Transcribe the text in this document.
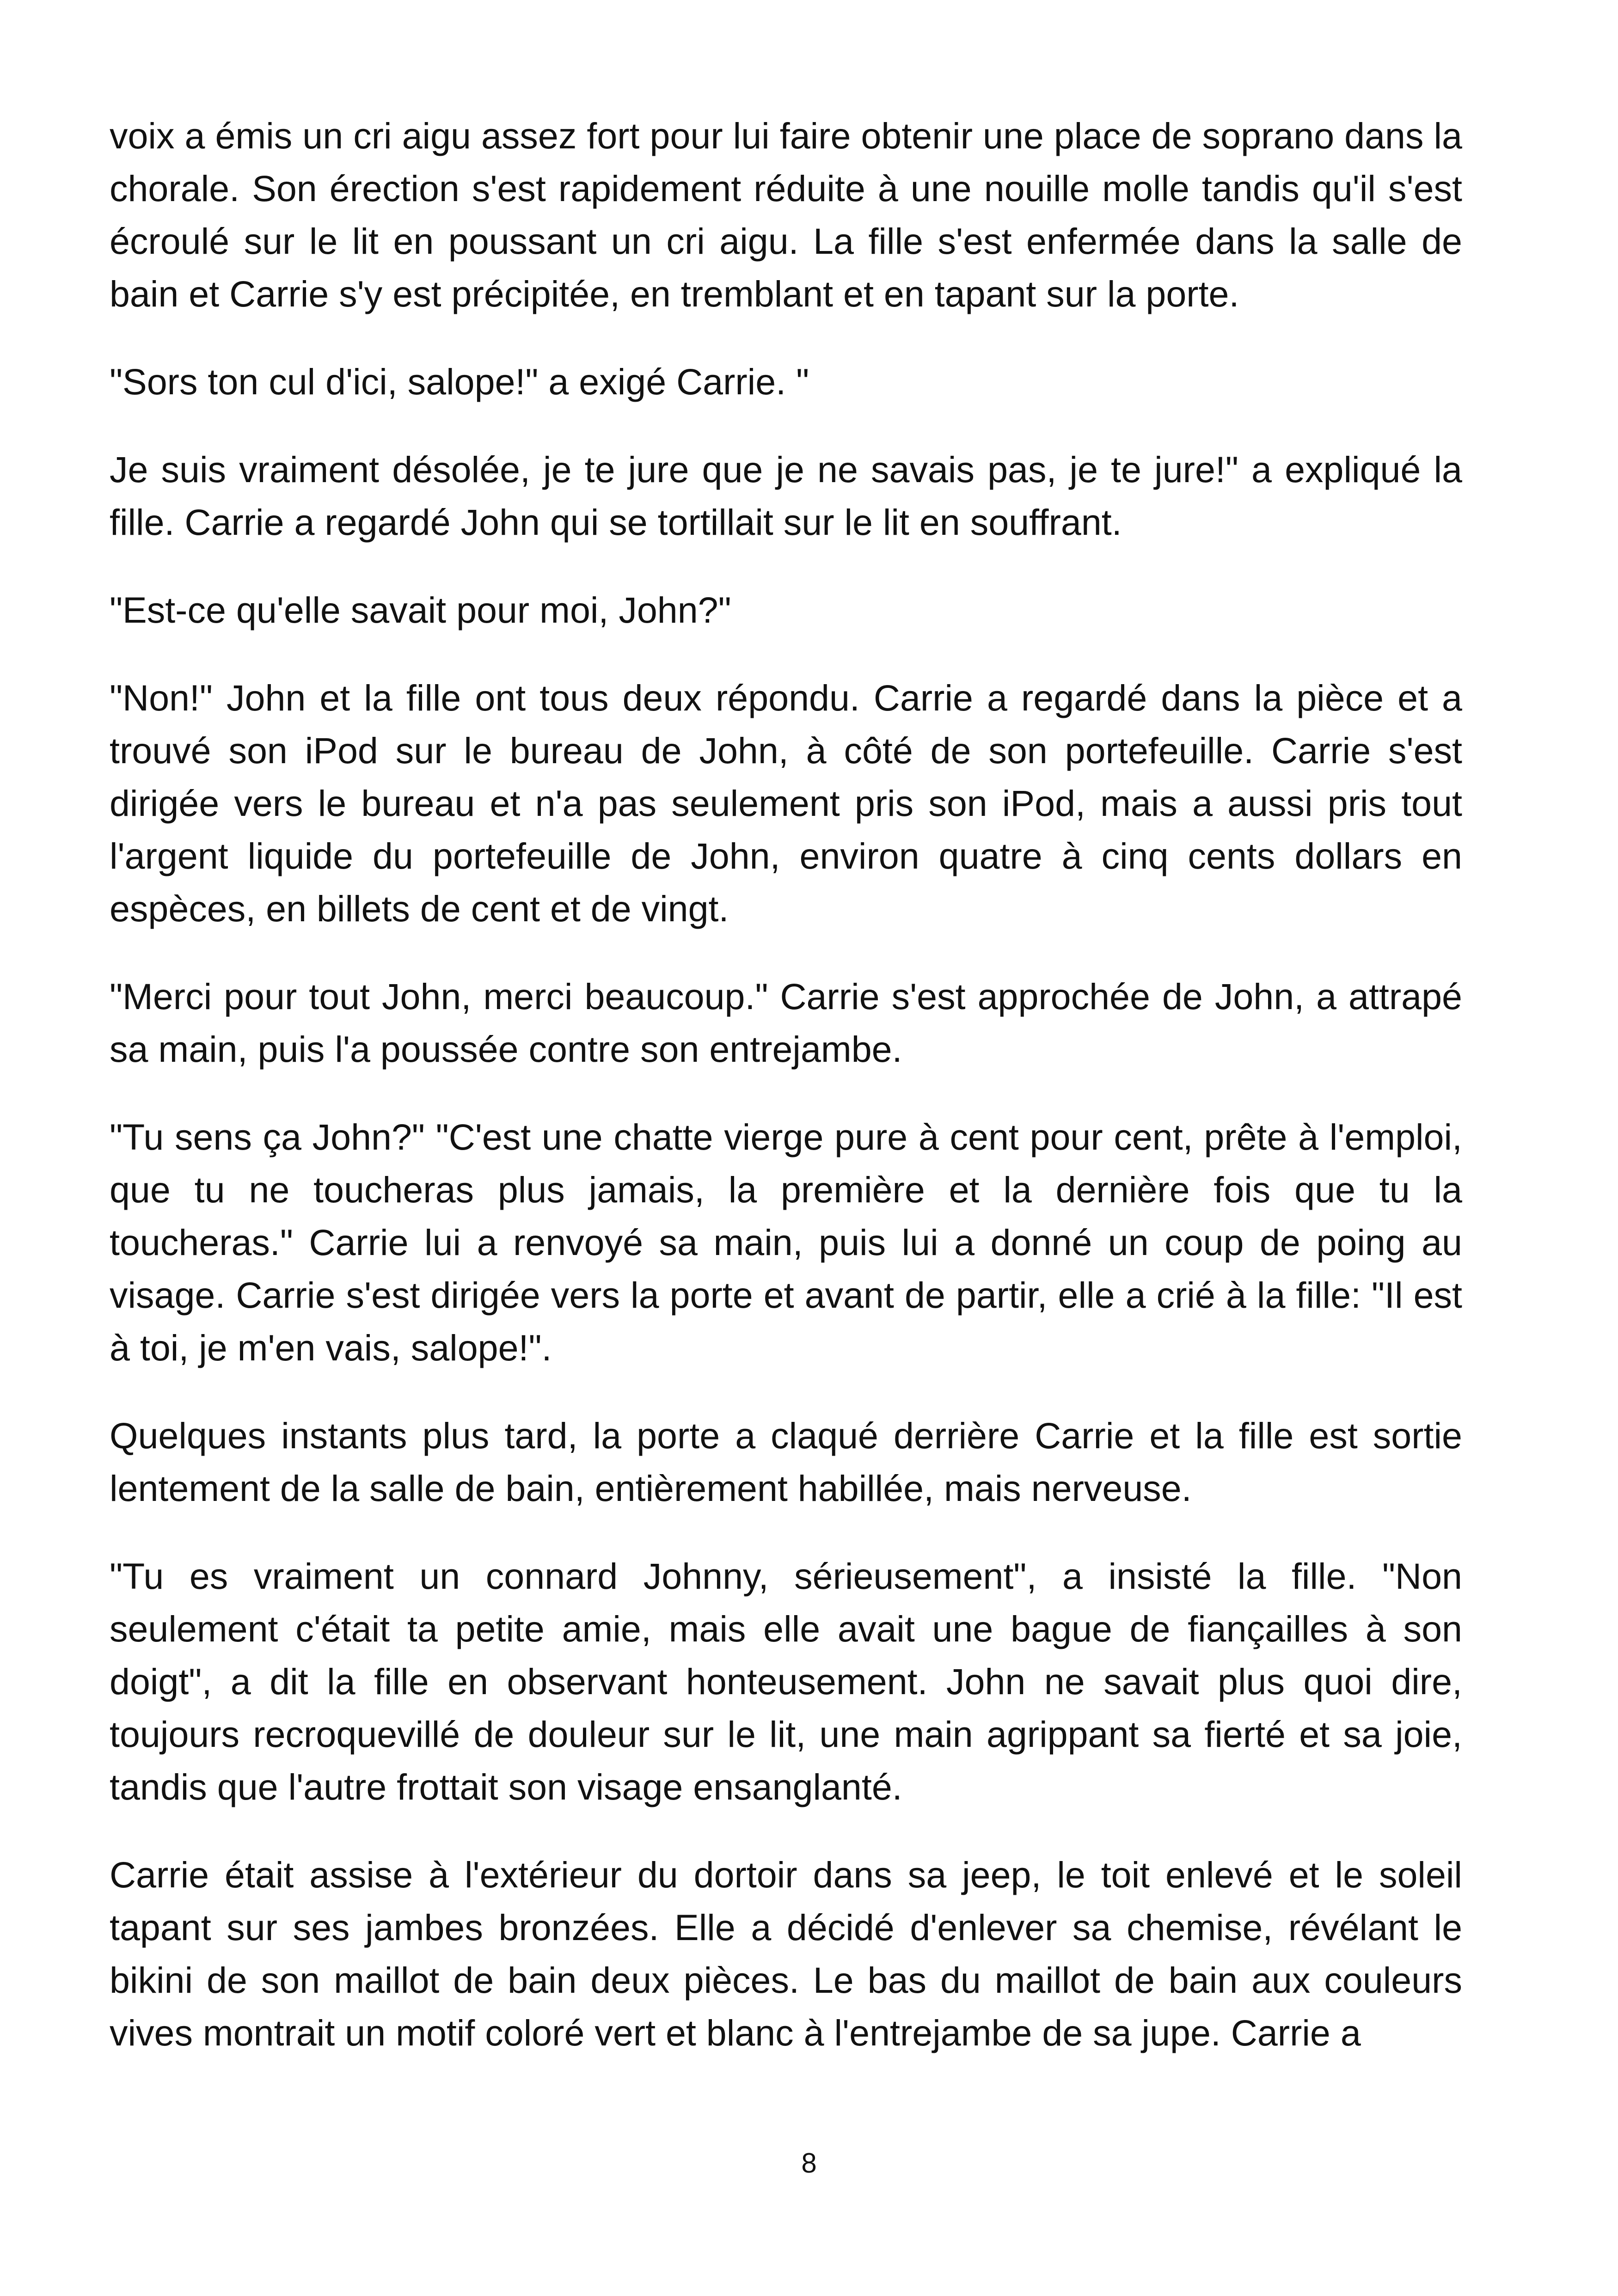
voix a émis un cri aigu assez fort pour lui faire obtenir une place de soprano dans la chorale. Son érection s'est rapidement réduite à une nouille molle tandis qu'il s'est écroulé sur le lit en poussant un cri aigu. La fille s'est enfermée dans la salle de bain et Carrie s'y est précipitée, en tremblant et en tapant sur la porte.

"Sors ton cul d'ici, salope!" a exigé Carrie. "

Je suis vraiment désolée, je te jure que je ne savais pas, je te jure!" a expliqué la fille. Carrie a regardé John qui se tortillait sur le lit en souffrant.

"Est-ce qu'elle savait pour moi, John?"

"Non!" John et la fille ont tous deux répondu. Carrie a regardé dans la pièce et a trouvé son iPod sur le bureau de John, à côté de son portefeuille. Carrie s'est dirigée vers le bureau et n'a pas seulement pris son iPod, mais a aussi pris tout l'argent liquide du portefeuille de John, environ quatre à cinq cents dollars en espèces, en billets de cent et de vingt.

"Merci pour tout John, merci beaucoup." Carrie s'est approchée de John, a attrapé sa main, puis l'a poussée contre son entrejambe.

"Tu sens ça John?" "C'est une chatte vierge pure à cent pour cent, prête à l'emploi, que tu ne toucheras plus jamais, la première et la dernière fois que tu la toucheras." Carrie lui a renvoyé sa main, puis lui a donné un coup de poing au visage. Carrie s'est dirigée vers la porte et avant de partir, elle a crié à la fille: "Il est à toi, je m'en vais, salope!".

Quelques instants plus tard, la porte a claqué derrière Carrie et la fille est sortie lentement de la salle de bain, entièrement habillée, mais nerveuse.

"Tu es vraiment un connard Johnny, sérieusement", a insisté la fille. "Non seulement c'était ta petite amie, mais elle avait une bague de fiançailles à son doigt", a dit la fille en observant honteusement. John ne savait plus quoi dire, toujours recroquevillé de douleur sur le lit, une main agrippant sa fierté et sa joie, tandis que l'autre frottait son visage ensanglanté.

Carrie était assise à l'extérieur du dortoir dans sa jeep, le toit enlevé et le soleil tapant sur ses jambes bronzées. Elle a décidé d'enlever sa chemise, révélant le bikini de son maillot de bain deux pièces. Le bas du maillot de bain aux couleurs vives montrait un motif coloré vert et blanc à l'entrejambe de sa jupe. Carrie a

8
